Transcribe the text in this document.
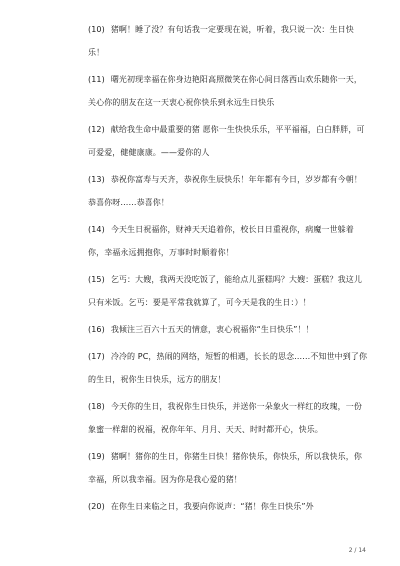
(10) 猪啊！睡了没？有句话我一定要现在说，听着，我只说一次：生日快乐！

(11) 曙光初现幸福在你身边艳阳高照微笑在你心间日落西山欢乐随你一天，关心你的朋友在这一天衷心祝你快乐到永远生日快乐

(12) 献给我生命中最重要的猪 愿你一生快快乐乐，平平福福，白白胖胖，可可爱爱，健健康康。——爱你的人

(13) 恭祝你富寿与天齐，恭祝你生辰快乐！年年都有今日，岁岁都有今朝！恭喜你呀……恭喜你！

(14) 今天生日祝福你，财神天天追着你，校长日日重视你，病魔一世躲着你，幸福永远拥抱你，万事时时顺着你！

(15) 乞丐：大嫂，我两天没吃饭了，能给点儿蛋糕吗？大嫂：蛋糕？我这儿只有米饭。乞丐：要是平常我就算了，可今天是我的生日：）！

(16) 我倾注三百六十五天的情意，衷心祝福你“生日快乐”！！

(17) 冷冷的 PC，热闹的网络，短暂的相遇，长长的思念……不知世中到了你的生日，祝你生日快乐，远方的朋友！

(18) 今天你的生日，我祝你生日快乐，并送你一朵象火一样红的玫瑰，一份象蜜一样甜的祝福，祝你年年、月月、天天、时时都开心，快乐。

(19) 猪啊！猪你的生日，你猪生日快！猪你快乐，你快乐，所以我快乐，你幸福，所以我幸福。因为你是我心爱的猪！

(20) 在你生日来临之日，我要向你说声：“猪！你生日快乐”外

2 / 14
